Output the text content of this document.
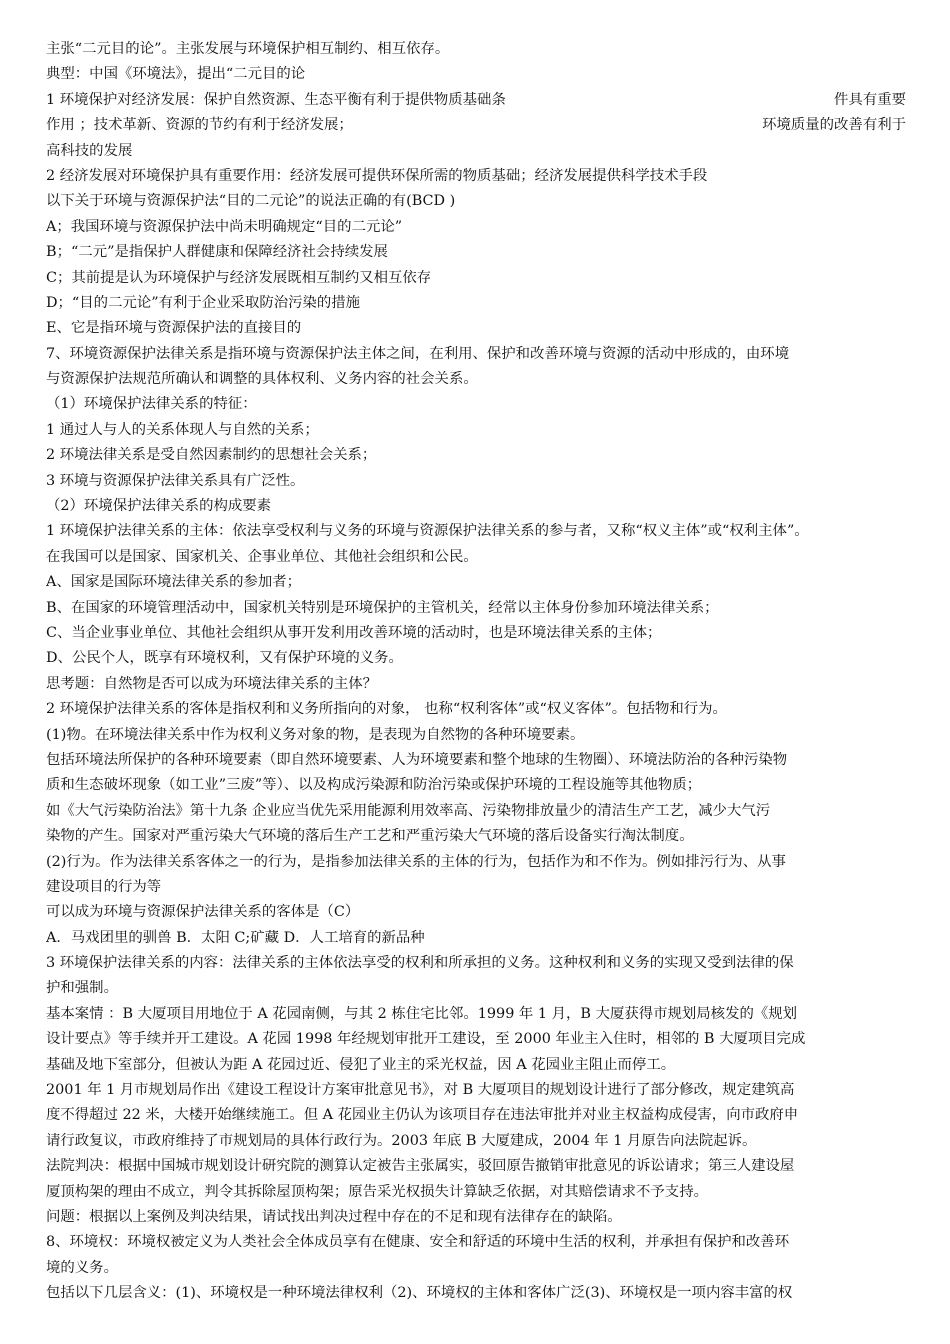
主张“二元目的论”。主张发展与环境保护相互制约、相互依存。
典型：中国《环境法》，提出“二元目的论
1 环境保护对经济发展：保护自然资源、生态平衡有利于提供物质基础条	件具有重要
作用 ；技术革新、资源的节约有利于经济发展；	环境质量的改善有利于
高科技的发展
2 经济发展对环境保护具有重要作用：经济发展可提供环保所需的物质基础；经济发展提供科学技术手段
以下关于环境与资源保护法“目的二元论”的说法正确的有(BCD )
A；我国环境与资源保护法中尚未明确规定“目的二元论”
B；“二元”是指保护人群健康和保障经济社会持续发展
C；其前提是认为环境保护与经济发展既相互制约又相互依存
D；“目的二元论”有利于企业采取防治污染的措施
E、它是指环境与资源保护法的直接目的
7、环境资源保护法律关系是指环境与资源保护法主体之间，在利用、保护和改善环境与资源的活动中形成的，由环境
与资源保护法规范所确认和调整的具体权利、义务内容的社会关系。
（1）环境保护法律关系的特征：
1 通过人与人的关系体现人与自然的关系；
2 环境法律关系是受自然因素制约的思想社会关系；
3 环境与资源保护法律关系具有广泛性。
（2）环境保护法律关系的构成要素
1 环境保护法律关系的主体：依法享受权利与义务的环境与资源保护法律关系的参与者，又称“权义主体”或“权利主体”。
在我国可以是国家、国家机关、企事业单位、其他社会组织和公民。
A、国家是国际环境法律关系的参加者；
B、在国家的环境管理活动中，国家机关特别是环境保护的主管机关，经常以主体身份参加环境法律关系；
C、当企业事业单位、其他社会组织从事开发利用改善环境的活动时，也是环境法律关系的主体；
D、公民个人，既享有环境权利，又有保护环境的义务。
思考题：自然物是否可以成为环境法律关系的主体？
2 环境保护法律关系的客体是指权利和义务所指向的对象， 也称“权利客体”或“权义客体”。包括物和行为。
(1)物。在环境法律关系中作为权利义务对象的物，是表现为自然物的各种环境要素。
包括环境法所保护的各种环境要素（即自然环境要素、人为环境要素和整个地球的生物圈）、环境法防治的各种污染物
质和生态破坏现象（如工业”三废”等）、以及构成污染源和防治污染或保护环境的工程设施等其他物质；
如《大气污染防治法》第十九条 企业应当优先采用能源利用效率高、污染物排放量少的清洁生产工艺，减少大气污
染物的产生。国家对严重污染大气环境的落后生产工艺和严重污染大气环境的落后设备实行淘汰制度。
(2)行为。作为法律关系客体之一的行为，是指参加法律关系的主体的行为，包括作为和不作为。例如排污行为、从事
建设项目的行为等
可以成为环境与资源保护法律关系的客体是（C）
A．马戏团里的驯兽 B．太阳 C;矿藏 D．人工培育的新品种
3 环境保护法律关系的内容：法律关系的主体依法享受的权利和所承担的义务。这种权利和义务的实现又受到法律的保
护和强制。
基本案情 ：B 大厦项目用地位于 A 花园南侧，与其 2 栋住宅比邻。1999 年 1 月，B 大厦获得市规划局核发的《规划
设计要点》等手续并开工建设。A 花园 1998 年经规划审批开工建设，至 2000 年业主入住时，相邻的 B 大厦项目完成
基础及地下室部分，但被认为距 A 花园过近、侵犯了业主的采光权益，因 A 花园业主阻止而停工。
2001 年 1 月市规划局作出《建设工程设计方案审批意见书》，对 B 大厦项目的规划设计进行了部分修改，规定建筑高
度不得超过 22 米，大楼开始继续施工。但 A 花园业主仍认为该项目存在违法审批并对业主权益构成侵害，向市政府申
请行政复议，市政府维持了市规划局的具体行政行为。2003 年底 B 大厦建成，2004 年 1 月原告向法院起诉。
法院判决：根据中国城市规划设计研究院的测算认定被告主张属实，驳回原告撤销审批意见的诉讼请求；第三人建设屋
厦顶构架的理由不成立，判令其拆除屋顶构架；原告采光权损失计算缺乏依据，对其赔偿请求不予支持。
问题：根据以上案例及判决结果，请试找出判决过程中存在的不足和现有法律存在的缺陷。
8、环境权：环境权被定义为人类社会全体成员享有在健康、安全和舒适的环境中生活的权利，并承担有保护和改善环
境的义务。
包括以下几层含义：(1)、环境权是一种环境法律权利（2)、环境权的主体和客体广泛(3)、环境权是一项内容丰富的权
